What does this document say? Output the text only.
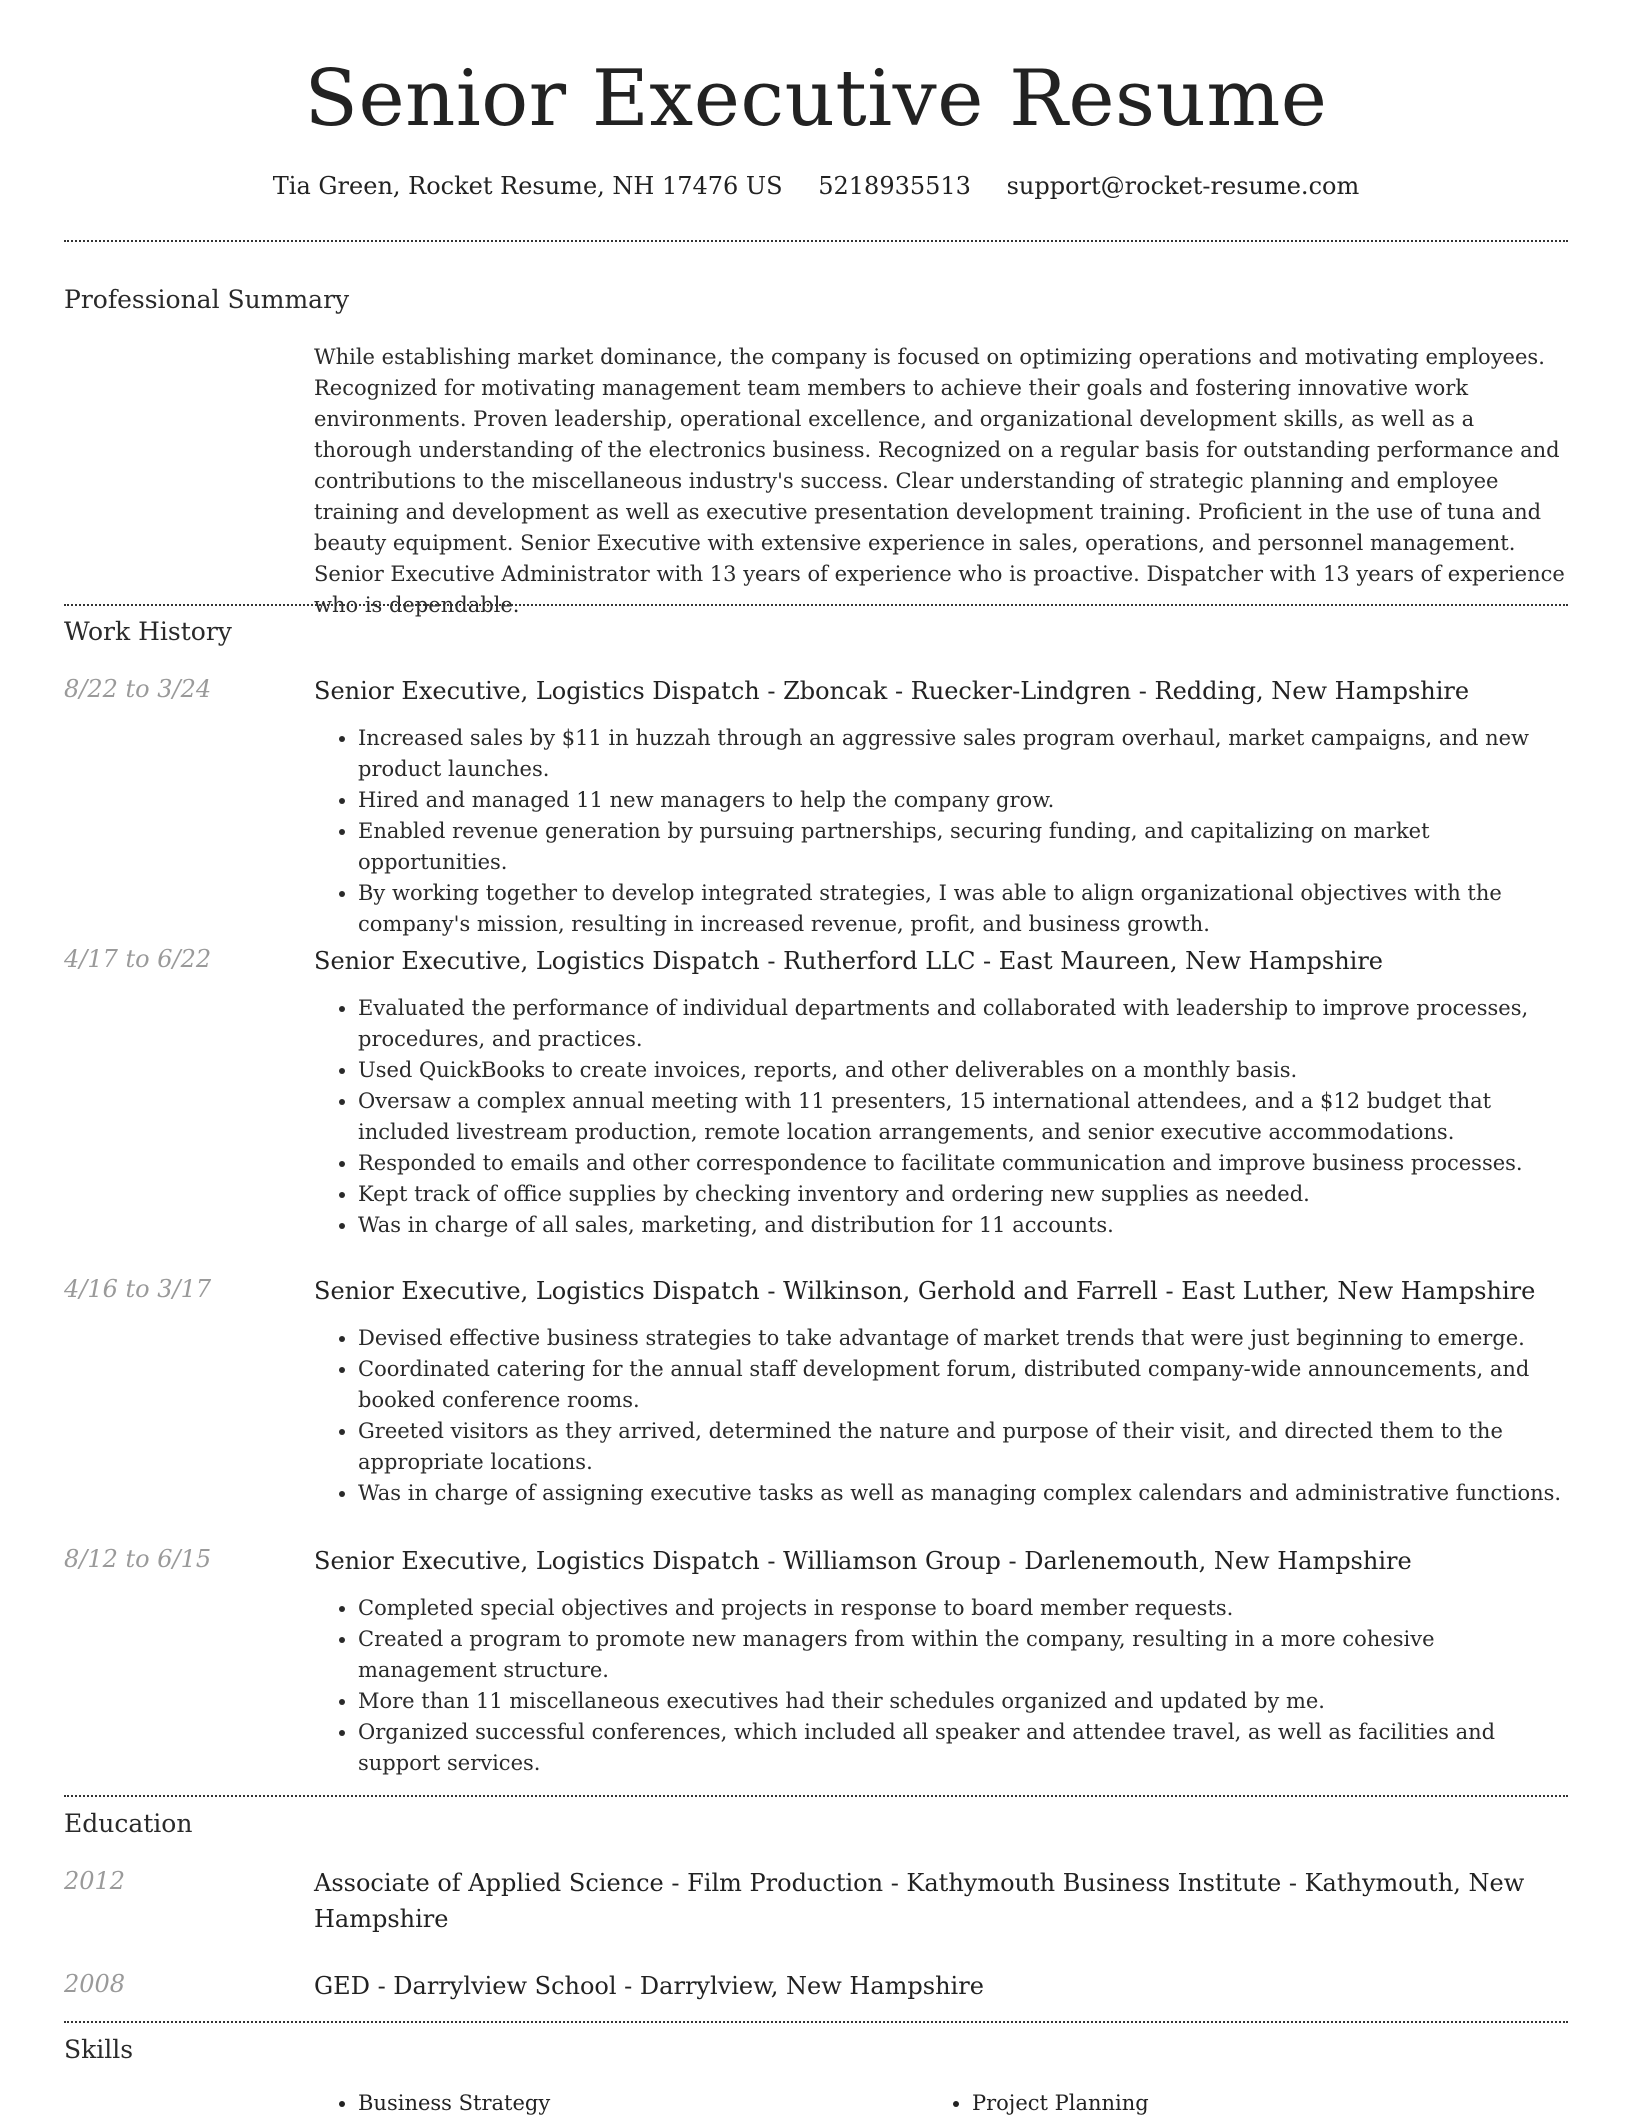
Senior Executive Resume
Tia Green, Rocket Resume, NH 17476 US 5218935513 support@rocket-resume.com
Professional Summary
While establishing market dominance, the company is focused on optimizing operations and motivating employees. Recognized for motivating management team members to achieve their goals and fostering innovative work environments. Proven leadership, operational excellence, and organizational development skills, as well as a thorough understanding of the electronics business. Recognized on a regular basis for outstanding performance and contributions to the miscellaneous industry's success. Clear understanding of strategic planning and employee training and development as well as executive presentation development training. Proficient in the use of tuna and beauty equipment. Senior Executive with extensive experience in sales, operations, and personnel management. Senior Executive Administrator with 13 years of experience who is proactive. Dispatcher with 13 years of experience who is dependable.
Work History
8/22 to 3/24	Senior Executive, Logistics Dispatch - Zboncak - Ruecker-Lindgren - Redding, New Hampshire
• Increased sales by $11 in huzzah through an aggressive sales program overhaul, market campaigns, and new product launches.
• Hired and managed 11 new managers to help the company grow.
• Enabled revenue generation by pursuing partnerships, securing funding, and capitalizing on market opportunities.
• By working together to develop integrated strategies, I was able to align organizational objectives with the company's mission, resulting in increased revenue, profit, and business growth.
4/17 to 6/22	Senior Executive, Logistics Dispatch - Rutherford LLC - East Maureen, New Hampshire
• Evaluated the performance of individual departments and collaborated with leadership to improve processes, procedures, and practices.
• Used QuickBooks to create invoices, reports, and other deliverables on a monthly basis.
• Oversaw a complex annual meeting with 11 presenters, 15 international attendees, and a $12 budget that included livestream production, remote location arrangements, and senior executive accommodations.
• Responded to emails and other correspondence to facilitate communication and improve business processes.
• Kept track of office supplies by checking inventory and ordering new supplies as needed.
• Was in charge of all sales, marketing, and distribution for 11 accounts.
4/16 to 3/17	Senior Executive, Logistics Dispatch - Wilkinson, Gerhold and Farrell - East Luther, New Hampshire
• Devised effective business strategies to take advantage of market trends that were just beginning to emerge.
• Coordinated catering for the annual staff development forum, distributed company-wide announcements, and booked conference rooms.
• Greeted visitors as they arrived, determined the nature and purpose of their visit, and directed them to the appropriate locations.
• Was in charge of assigning executive tasks as well as managing complex calendars and administrative functions.
8/12 to 6/15	Senior Executive, Logistics Dispatch - Williamson Group - Darlenemouth, New Hampshire
• Completed special objectives and projects in response to board member requests.
• Created a program to promote new managers from within the company, resulting in a more cohesive management structure.
• More than 11 miscellaneous executives had their schedules organized and updated by me.
• Organized successful conferences, which included all speaker and attendee travel, as well as facilities and support services.
Education
2012	Associate of Applied Science - Film Production - Kathymouth Business Institute - Kathymouth, New Hampshire
2008	GED - Darrylview School - Darrylview, New Hampshire
Skills
• Business Strategy
•	Project Planning
